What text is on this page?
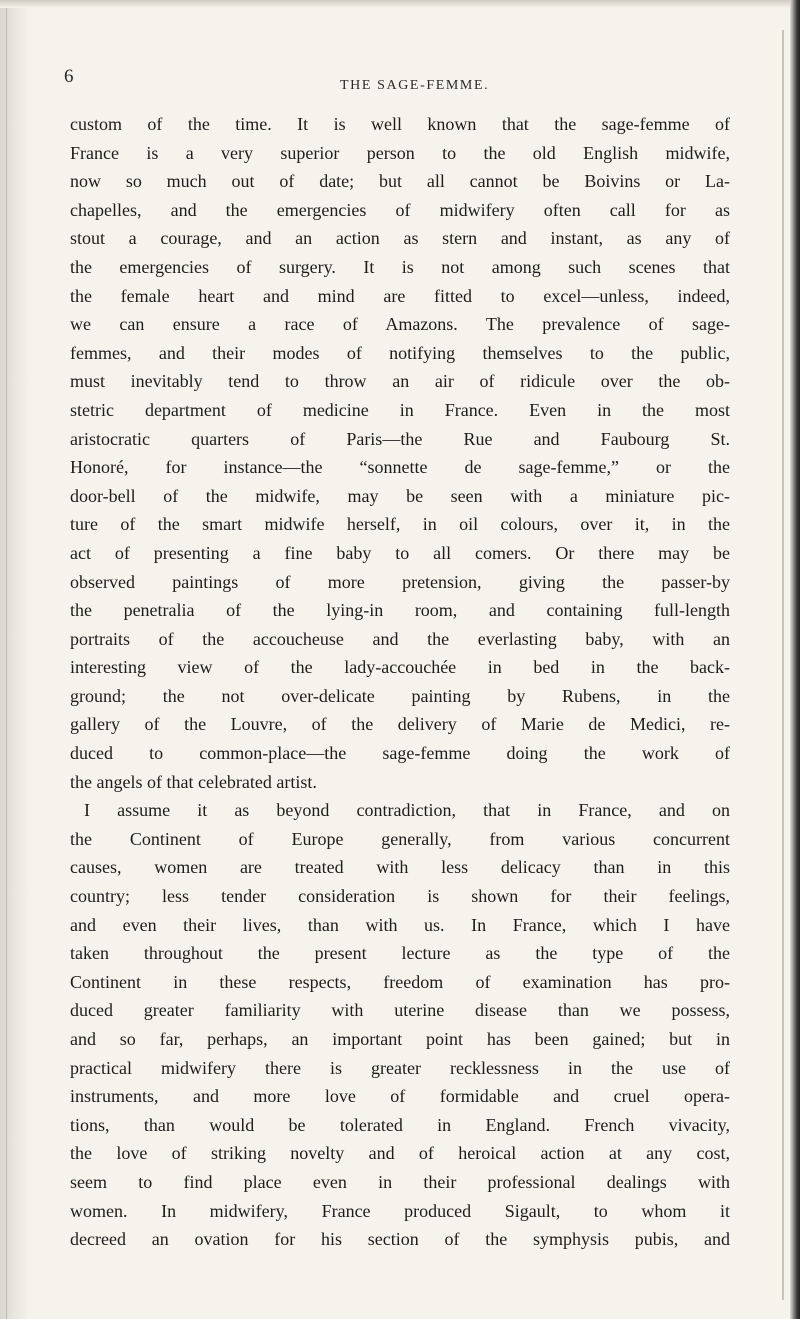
6	THE SAGE-FEMME.
custom of the time. It is well known that the sage-femme of
France is a very superior person to the old English midwife,
now so much out of date; but all cannot be Boivins or La-
chapelles, and the emergencies of midwifery often call for as
stout a courage, and an action as stern and instant, as any of
the emergencies of surgery. It is not among such scenes that
the female heart and mind are fitted to excel—unless, indeed,
we can ensure a race of Amazons. The prevalence of sage-
femmes, and their modes of notifying themselves to the public,
must inevitably tend to throw an air of ridicule over the ob-
stetric department of medicine in France. Even in the most
aristocratic quarters of Paris—the Rue and Faubourg St.
Honoré, for instance—the “sonnette de sage-femme,” or the
door-bell of the midwife, may be seen with a miniature pic-
ture of the smart midwife herself, in oil colours, over it, in the
act of presenting a fine baby to all comers. Or there may be
observed paintings of more pretension, giving the passer-by
the penetralia of the lying-in room, and containing full-length
portraits of the accoucheuse and the everlasting baby, with an
interesting view of the lady-accouchée in bed in the back-
ground; the not over-delicate painting by Rubens, in the
gallery of the Louvre, of the delivery of Marie de Medici, re-
duced to common-place—the sage-femme doing the work of
the angels of that celebrated artist.
I assume it as beyond contradiction, that in France, and on
the Continent of Europe generally, from various concurrent
causes, women are treated with less delicacy than in this
country; less tender consideration is shown for their feelings,
and even their lives, than with us. In France, which I have
taken throughout the present lecture as the type of the
Continent in these respects, freedom of examination has pro-
duced greater familiarity with uterine disease than we possess,
and so far, perhaps, an important point has been gained; but in
practical midwifery there is greater recklessness in the use of
instruments, and more love of formidable and cruel opera-
tions, than would be tolerated in England. French vivacity,
the love of striking novelty and of heroical action at any cost,
seem to find place even in their professional dealings with
women. In midwifery, France produced Sigault, to whom it
decreed an ovation for his section of the symphysis pubis, and
